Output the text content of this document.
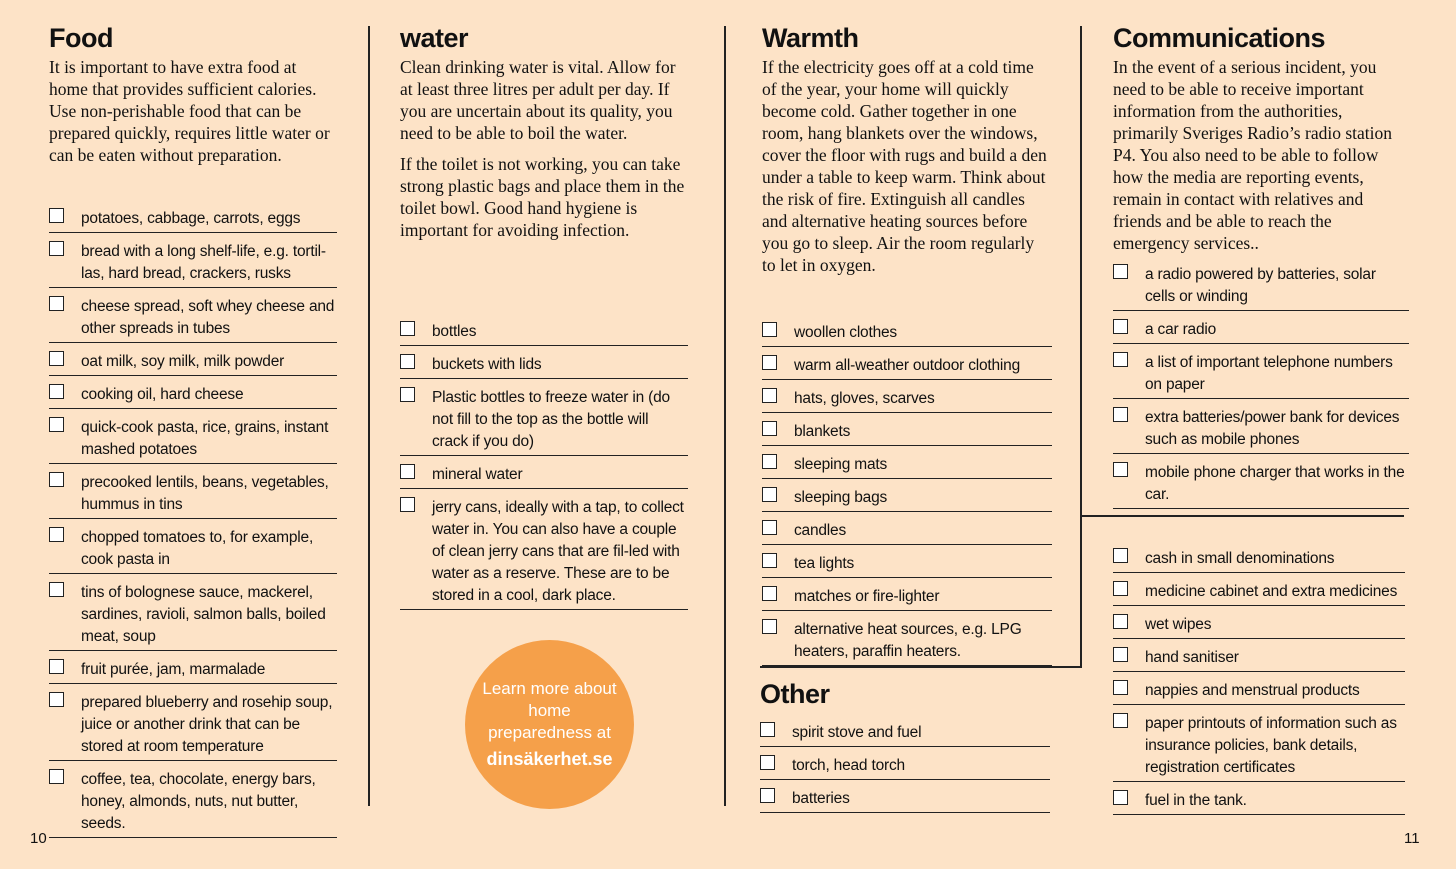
Food

It is important to have extra food at home that provides sufficient calories. Use non-perishable food that can be prepared quickly, requires little water or can be eaten without preparation.

potatoes, cabbage, carrots, eggs
bread with a long shelf-life, e.g. tortil-las, hard bread, crackers, rusks
cheese spread, soft whey cheese and other spreads in tubes
oat milk, soy milk, milk powder
cooking oil, hard cheese
quick-cook pasta, rice, grains, instant mashed potatoes
precooked lentils, beans, vegetables, hummus in tins
chopped tomatoes to, for example, cook pasta in
tins of bolognese sauce, mackerel, sardines, ravioli, salmon balls, boiled meat, soup
fruit purée, jam, marmalade
prepared blueberry and rosehip soup, juice or another drink that can be stored at room temperature
coffee, tea, chocolate, energy bars, honey, almonds, nuts, nut butter, seeds.
water

Clean drinking water is vital. Allow for at least three litres per adult per day. If you are uncertain about its quality, you need to be able to boil the water.

If the toilet is not working, you can take strong plastic bags and place them in the toilet bowl. Good hand hygiene is important for avoiding infection.

bottles
buckets with lids
Plastic bottles to freeze water in (do not fill to the top as the bottle will crack if you do)
mineral water
jerry cans, ideally with a tap, to collect water in. You can also have a couple of clean jerry cans that are fil-led with water as a reserve. These are to be stored in a cool, dark place.
Learn more about home preparedness at
dinsäkerhet.se
Warmth

If the electricity goes off at a cold time of the year, your home will quickly become cold. Gather together in one room, hang blankets over the windows, cover the floor with rugs and build a den under a table to keep warm. Think about the risk of fire. Extinguish all candles and alternative heating sources before you go to sleep. Air the room regularly to let in oxygen.

woollen clothes
warm all-weather outdoor clothing
hats, gloves, scarves
blankets
sleeping mats
sleeping bags
candles
tea lights
matches or fire-lighter
alternative heat sources, e.g. LPG heaters, paraffin heaters.
Other
spirit stove and fuel
torch, head torch
batteries
Communications

In the event of a serious incident, you need to be able to receive important information from the authorities, primarily Sveriges Radio’s radio station P4. You also need to be able to follow how the media are reporting events, remain in contact with relatives and friends and be able to reach the emergency services..

a radio powered by batteries, solar cells or winding
a car radio
a list of important telephone numbers on paper
extra batteries/power bank for devices such as mobile phones
mobile phone charger that works in the car.
cash in small denominations
medicine cabinet and extra medicines
wet wipes
hand sanitiser
nappies and menstrual products
paper printouts of information such as insurance policies, bank details, registration certificates
fuel in the tank.
10	11
